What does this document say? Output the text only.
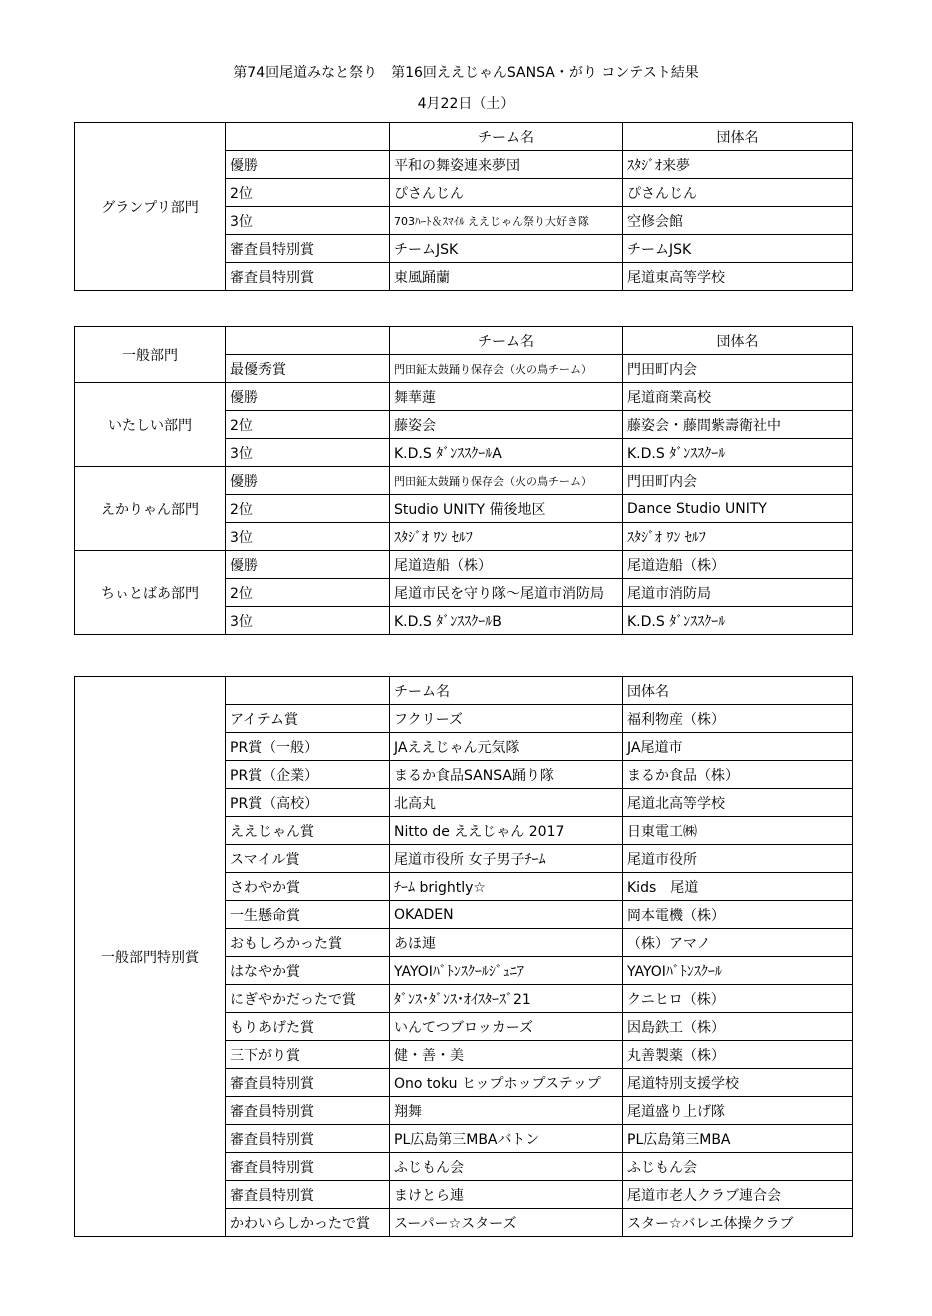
第74回尾道みなと祭り　第16回ええじゃんSANSA・がり コンテスト結果
4月22日（土）
グランプリ部門		チーム名	団体名
	優勝	平和の舞姿連来夢団	ｽﾀｼﾞｵ来夢
	2位	ぴさんじん	ぴさんじん
	3位	703ﾊｰﾄ＆ｽﾏｲﾙ ええじゃん祭り大好き隊	空修会館
	審査員特別賞	チームJSK	チームJSK
	審査員特別賞	東風踊蘭	尾道東高等学校
一般部門		チーム名	団体名
	最優秀賞	門田鉦太鼓踊り保存会（火の鳥チーム）	門田町内会
いたしい部門	優勝	舞華蓮	尾道商業高校
	2位	藤姿会	藤姿会・藤間紫壽衛社中
	3位	K.D.S ﾀﾞﾝｽｽｸｰﾙA	K.D.S ﾀﾞﾝｽｽｸｰﾙ
えかりゃん部門	優勝	門田鉦太鼓踊り保存会（火の鳥チーム）	門田町内会
	2位	Studio UNITY 備後地区	Dance Studio UNITY
	3位	ｽﾀｼﾞｵ ﾜﾝ ｾﾙﾌ	ｽﾀｼﾞｵ ﾜﾝ ｾﾙﾌ
ちぃとばあ部門	優勝	尾道造船（株）	尾道造船（株）
	2位	尾道市民を守り隊〜尾道市消防局	尾道市消防局
	3位	K.D.S ﾀﾞﾝｽｽｸｰﾙB	K.D.S ﾀﾞﾝｽｽｸｰﾙ
一般部門特別賞		チーム名	団体名
	アイテム賞	フクリーズ	福利物産（株）
	PR賞（一般）	JAええじゃん元気隊	JA尾道市
	PR賞（企業）	まるか食品SANSA踊り隊	まるか食品（株）
	PR賞（高校）	北高丸	尾道北高等学校
	ええじゃん賞	Nitto de ええじゃん 2017	日東電工㈱
	スマイル賞	尾道市役所 女子男子ﾁｰﾑ	尾道市役所
	さわやか賞	ﾁｰﾑ brightly☆	Kids　尾道
	一生懸命賞	OKADEN	岡本電機（株）
	おもしろかった賞	あほ連	（株）アマノ
	はなやか賞	YAYOIﾊﾞﾄﾝｽｸｰﾙｼﾞｭﾆｱ	YAYOIﾊﾞﾄﾝｽｸｰﾙ
	にぎやかだったで賞	ﾀﾞﾝｽ･ﾀﾞﾝｽ･ｵｲｽﾀｰｽﾞ21	クニヒロ（株）
	もりあげた賞	いんてつブロッカーズ	因島鉄工（株）
	三下がり賞	健・善・美	丸善製薬（株）
	審査員特別賞	Ono toku ヒップホップステップ	尾道特別支援学校
	審査員特別賞	翔舞	尾道盛り上げ隊
	審査員特別賞	PL広島第三MBAバトン	PL広島第三MBA
	審査員特別賞	ふじもん会	ふじもん会
	審査員特別賞	まけとら連	尾道市老人クラブ連合会
	かわいらしかったで賞	スーパー☆スターズ	スター☆バレエ体操クラブ
